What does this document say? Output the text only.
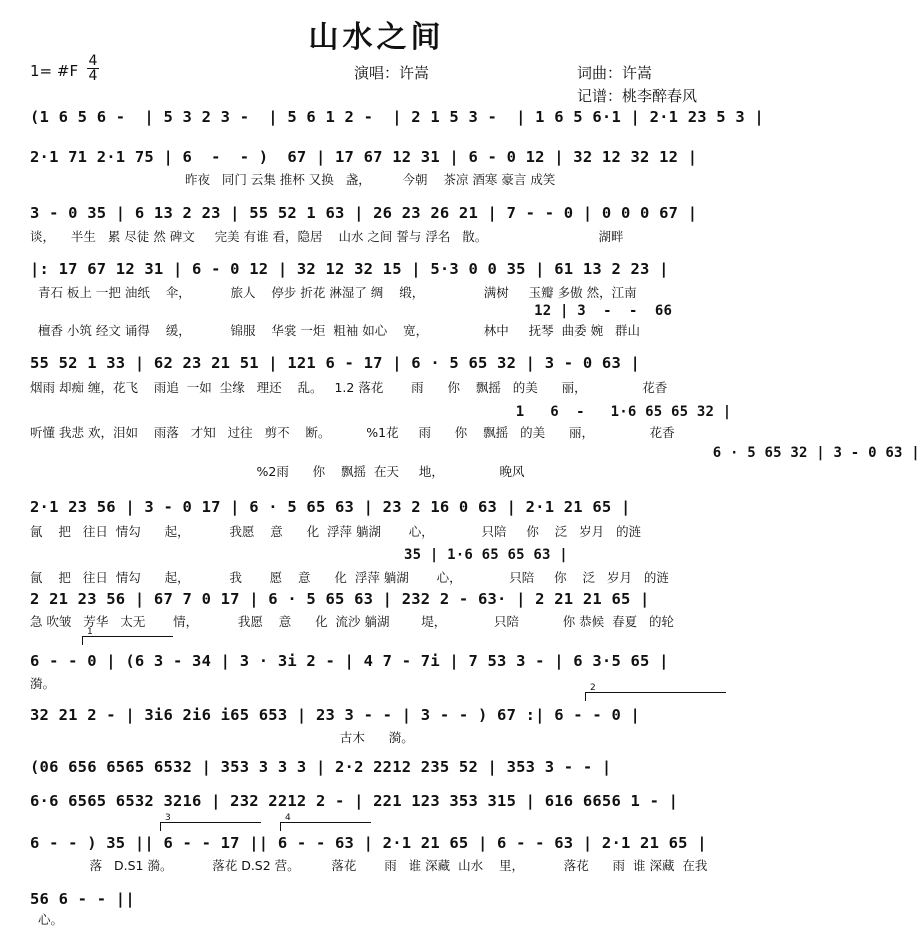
山水之间
1= #F
4
4	演唱：许嵩	词曲：许嵩
记谱：桃李醉春风
(1 6 5 6 -  | 5 3 2 3 -  | 5 6 1 2 -  | 2 1 5 3 -  | 1 6 5 6·1 | 2·1 23 5 3 |
2·1 71 2·1 75 | 6  -  - )  67 | 17 67 12 31 | 6 - 0 12 | 32 12 32 12 |
昨夜   同门 云集 推杯 又换   盏，        今朝    茶凉 酒寒 豪言 成笑
3 - 0 35 | 6 13 2 23 | 55 52 1 63 | 26 23 26 21 | 7 - - 0 | 0 0 0 67 |
谈，    半生   累 尽徒 然 碑文     完美 有谁 看，隐居    山水 之间 誓与 浮名   散。                            湖畔
|: 17 67 12 31 | 6 - 0 12 | 32 12 32 15 | 5·3 0 0 35 | 61 13 2 23 |
青石 板上 一把 油纸    伞，          旅人    停步 折花 淋湿了 绸    缎，               满树     玉瓣 多傲 然，江南
12 | 3  -  -  66
檀香 小筑 经文 诵得    缓，          锦服    华裳 一炬  粗袖 如心    宽，              林中     抚琴  曲委 婉   群山
55 52 1 33 | 62 23 21 51 | 121 6 - 17 | 6 · 5 65 32 | 3 - 0 63 |
烟雨 却痴 缠，花飞    雨追  一如  尘缘   理还    乱。   1.2 落花       雨      你    飘摇   的美      丽，              花香
1   6  -   1·6 65 65 32 |
听懂 我悲 欢，泪如    雨落   才知   过往   剪不    断。         %1花     雨      你    飘摇   的美      丽，              花香
6 · 5 65 32 | 3 - 0 63 |
%2雨      你    飘摇  在天     地，              晚风
2·1 23 56 | 3 - 0 17 | 6 · 5 65 63 | 23 2 16 0 63 | 2·1 21 65 |
氤    把   往日  情勾      起，          我愿    意      化  浮萍 躺湖       心，            只陪     你    泛   岁月   的涟
35 | 1·6 65 65 63 |
氤    把   往日  情勾      起，          我       愿    意      化  浮萍 躺湖       心，            只陪     你    泛   岁月   的涟
2 21 23 56 | 67 7 0 17 | 6 · 5 65 63 | 232 2 - 63· | 2 21 21 65 |
急 吹皱   芳华   太无       情，          我愿    意      化  流沙 躺湖        堤，            只陪           你 恭候  春夏   的轮
1
6 - - 0 | (6 3 - 34 | 3 · 3i 2 - | 4 7 - 7i | 7 53 3 - | 6 3·5 65 |
漪。	2
32 21 2 - | 3i6 2i6 i65 653 | 23 3 - - | 3 - - ) 67 :| 6 - - 0 |
古木      漪。
(06 656 6565 6532 | 353 3 3 3 | 2·2 2212 235 52 | 353 3 - - |
6·6 6565 6532 3216 | 232 2212 2 - | 221 123 353 315 | 616 6656 1 - |
3	4
6 - - ) 35 || 6 - - 17 || 6 - - 63 | 2·1 21 65 | 6 - - 63 | 2·1 21 65 |
落   D.S1 漪。          落花 D.S2 营。        落花       雨   谁 深藏  山水    里，          落花      雨  谁 深藏  在我
56 6 - - ||
心。
